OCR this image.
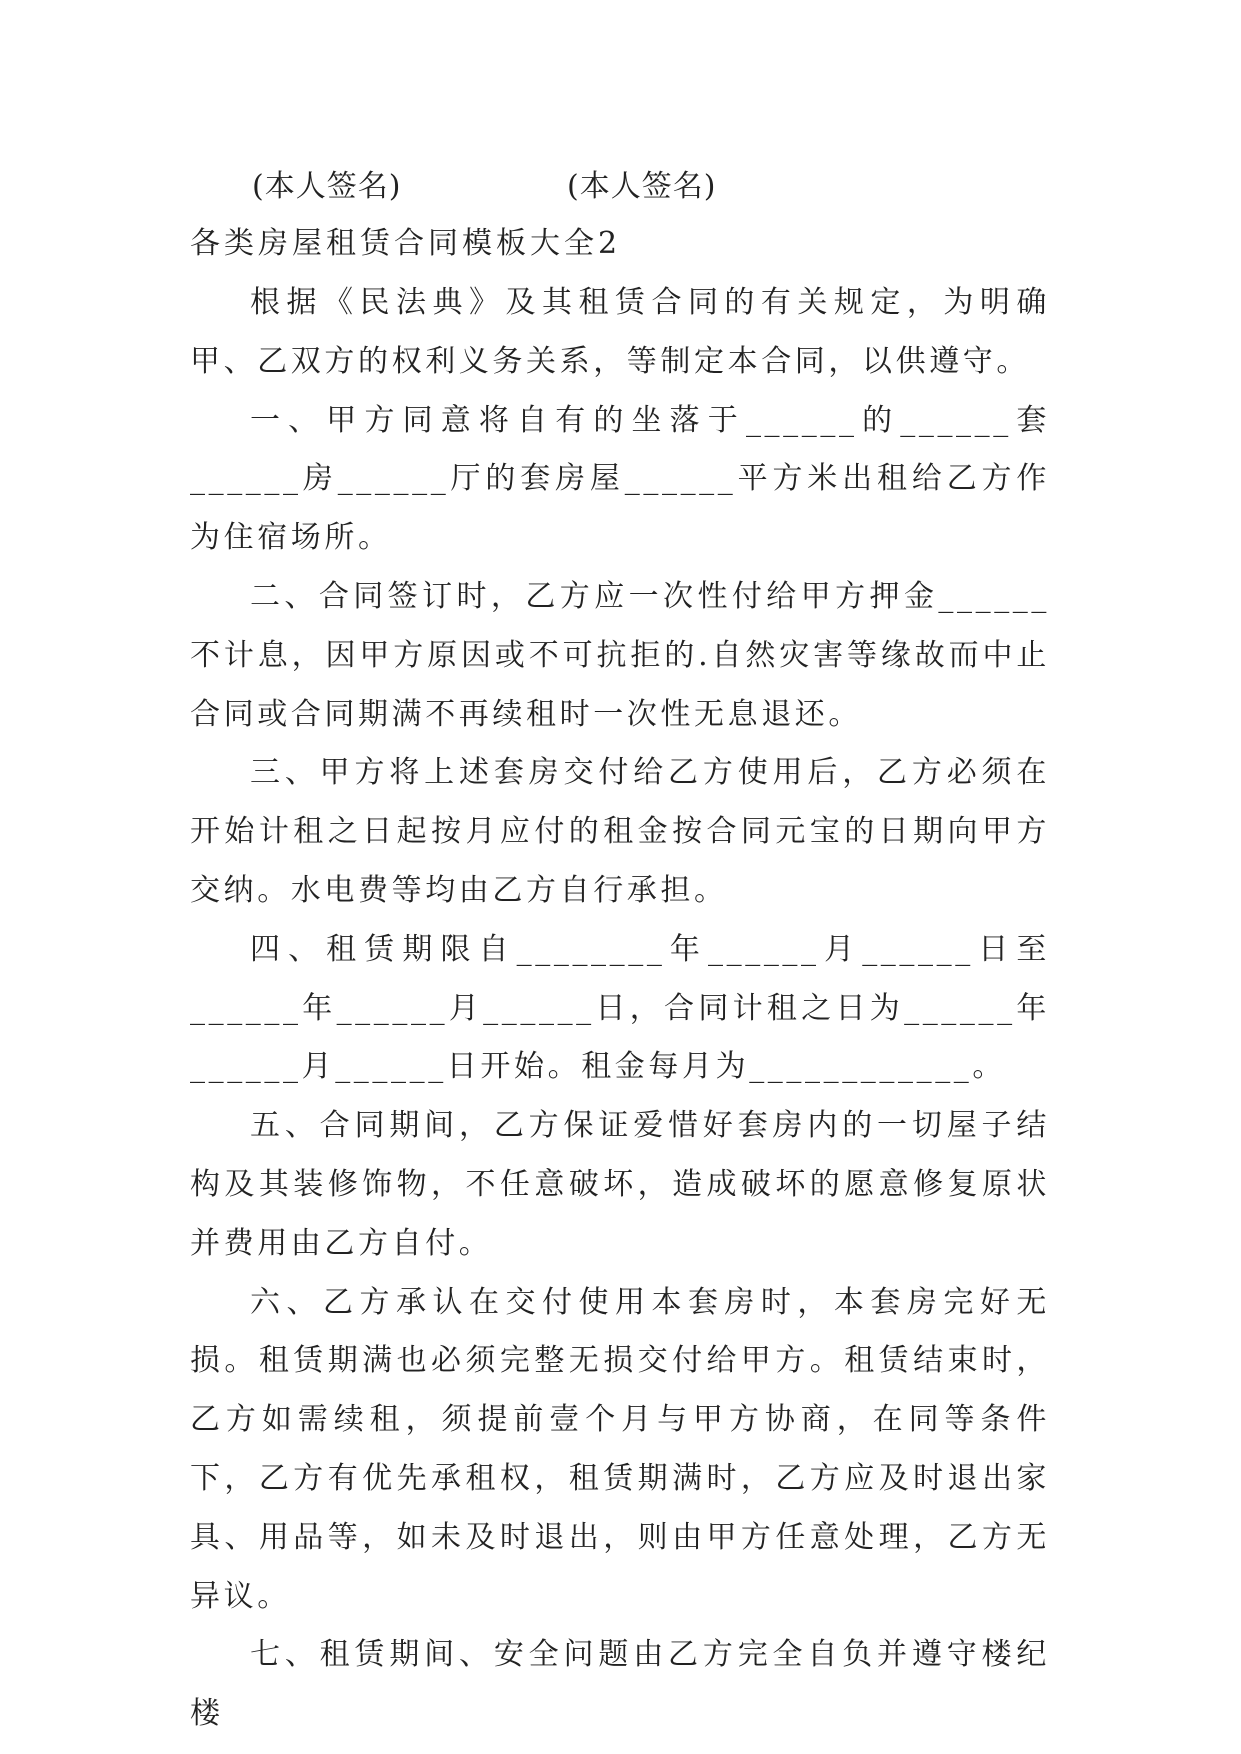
(本人签名)	(本人签名)
各类房屋租赁合同模板大全2

根据《民法典》及其租赁合同的有关规定，为明确甲、乙双方的权利义务关系，等制定本合同，以供遵守。

一、甲方同意将自有的坐落于______的______套______房______厅的套房屋______平方米出租给乙方作为住宿场所。

二、合同签订时，乙方应一次性付给甲方押金______不计息，因甲方原因或不可抗拒的.自然灾害等缘故而中止合同或合同期满不再续租时一次性无息退还。

三、甲方将上述套房交付给乙方使用后，乙方必须在开始计租之日起按月应付的租金按合同元宝的日期向甲方交纳。水电费等均由乙方自行承担。

四、租赁期限自________年______月______日至______年______月______日，合同计租之日为______年______月______日开始。租金每月为____________。

五、合同期间，乙方保证爱惜好套房内的一切屋子结构及其装修饰物，不任意破坏，造成破坏的愿意修复原状并费用由乙方自付。

六、乙方承认在交付使用本套房时，本套房完好无损。租赁期满也必须完整无损交付给甲方。租赁结束时，乙方如需续租，须提前壹个月与甲方协商，在同等条件下，乙方有优先承租权，租赁期满时，乙方应及时退出家具、用品等，如未及时退出，则由甲方任意处理，乙方无异议。

七、租赁期间、安全问题由乙方完全自负并遵守楼纪楼
